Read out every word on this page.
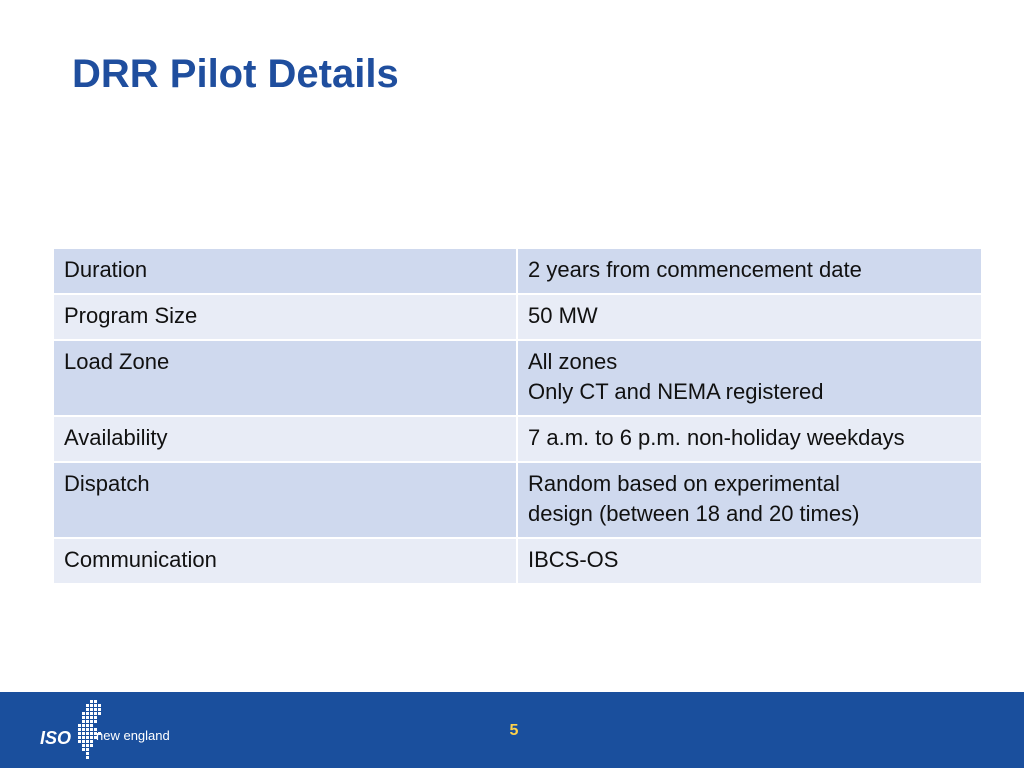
DRR Pilot Details
Duration	2 years from commencement date

Program Size	50 MW

Load Zone	All zones
Only CT and NEMA registered

Availability	7 a.m. to 6 p.m. non-holiday weekdays

Dispatch	Random based on experimental
design (between 18 and 20 times)

Communication	IBCS-OS
ISO new england	5
